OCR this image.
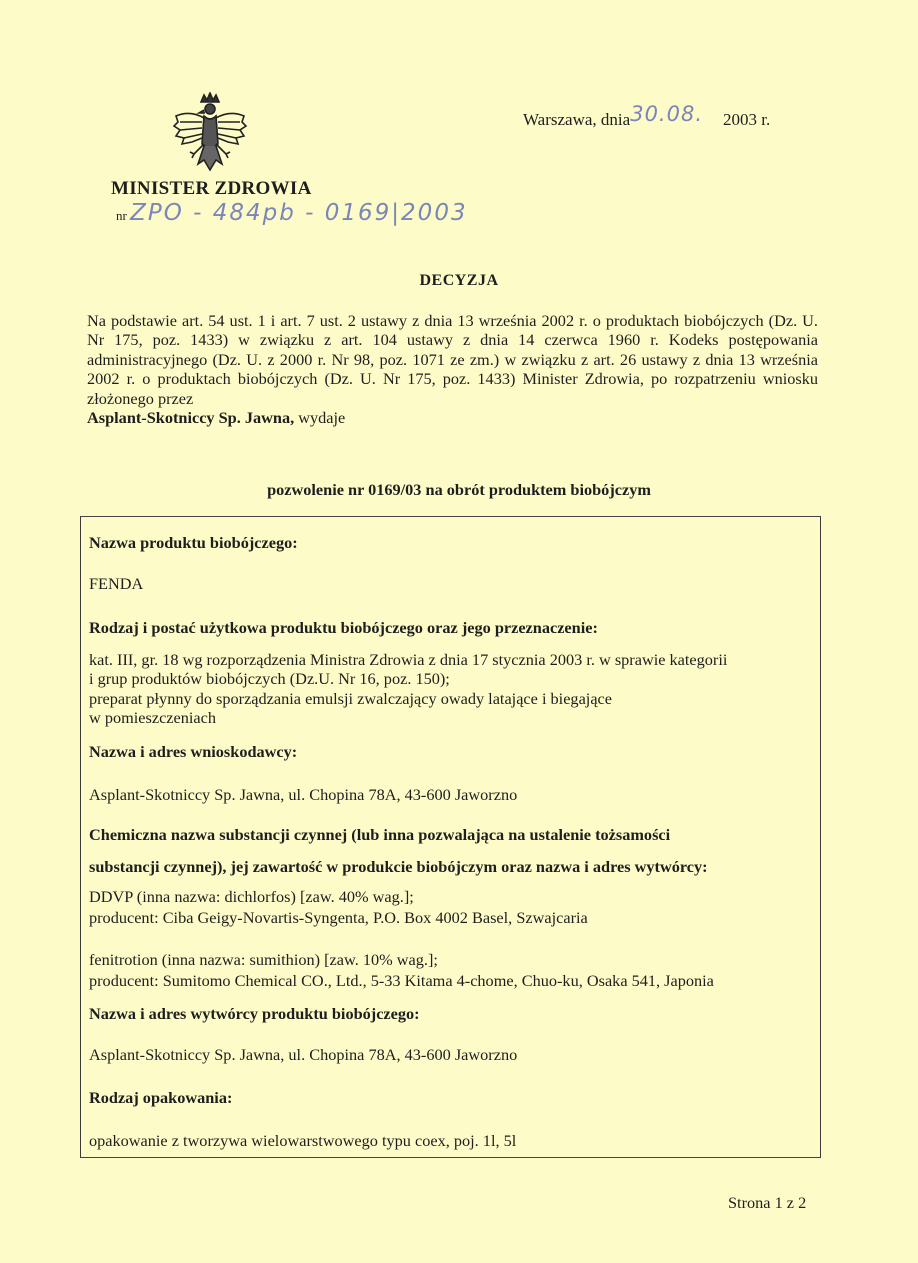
Warszawa, dnia30.08. 2003 r.
MINISTER ZDROWIA
nr ZPO - 484pb - 0169|2003
DECYZJA

Na podstawie art. 54 ust. 1 i art. 7 ust. 2 ustawy z dnia 13 września 2002 r. o produktach biobójczych (Dz. U. Nr 175, poz. 1433) w związku z art. 104 ustawy z dnia 14 czerwca 1960 r. Kodeks postępowania administracyjnego (Dz. U. z 2000 r. Nr 98, poz. 1071 ze zm.) w związku z art. 26 ustawy z dnia 13 września 2002 r. o produktach biobójczych (Dz. U. Nr 175, poz. 1433) Minister Zdrowia, po rozpatrzeniu wniosku złożonego przez

Asplant-Skotniccy Sp. Jawna, wydaje

pozwolenie nr 0169/03 na obrót produktem biobójczym
Nazwa produktu biobójczego:
FENDA
Rodzaj i postać użytkowa produktu biobójczego oraz jego przeznaczenie:
kat. III, gr. 18 wg rozporządzenia Ministra Zdrowia z dnia 17 stycznia 2003 r. w sprawie kategorii
i grup produktów biobójczych (Dz.U. Nr 16, poz. 150);
preparat płynny do sporządzania emulsji zwalczający owady latające i biegające
w pomieszczeniach
Nazwa i adres wnioskodawcy:
Asplant-Skotniccy Sp. Jawna, ul. Chopina 78A, 43-600 Jaworzno
Chemiczna nazwa substancji czynnej (lub inna pozwalająca na ustalenie tożsamości
substancji czynnej), jej zawartość w produkcie biobójczym oraz nazwa i adres wytwórcy:
DDVP (inna nazwa: dichlorfos) [zaw. 40% wag.];
producent: Ciba Geigy-Novartis-Syngenta, P.O. Box 4002 Basel, Szwajcaria
fenitrotion (inna nazwa: sumithion) [zaw. 10% wag.];
producent: Sumitomo Chemical CO., Ltd., 5-33 Kitama 4-chome, Chuo-ku, Osaka 541, Japonia
Nazwa i adres wytwórcy produktu biobójczego:
Asplant-Skotniccy Sp. Jawna, ul. Chopina 78A, 43-600 Jaworzno
Rodzaj opakowania:
opakowanie z tworzywa wielowarstwowego typu coex, poj. 1l, 5l
Strona 1 z 2
